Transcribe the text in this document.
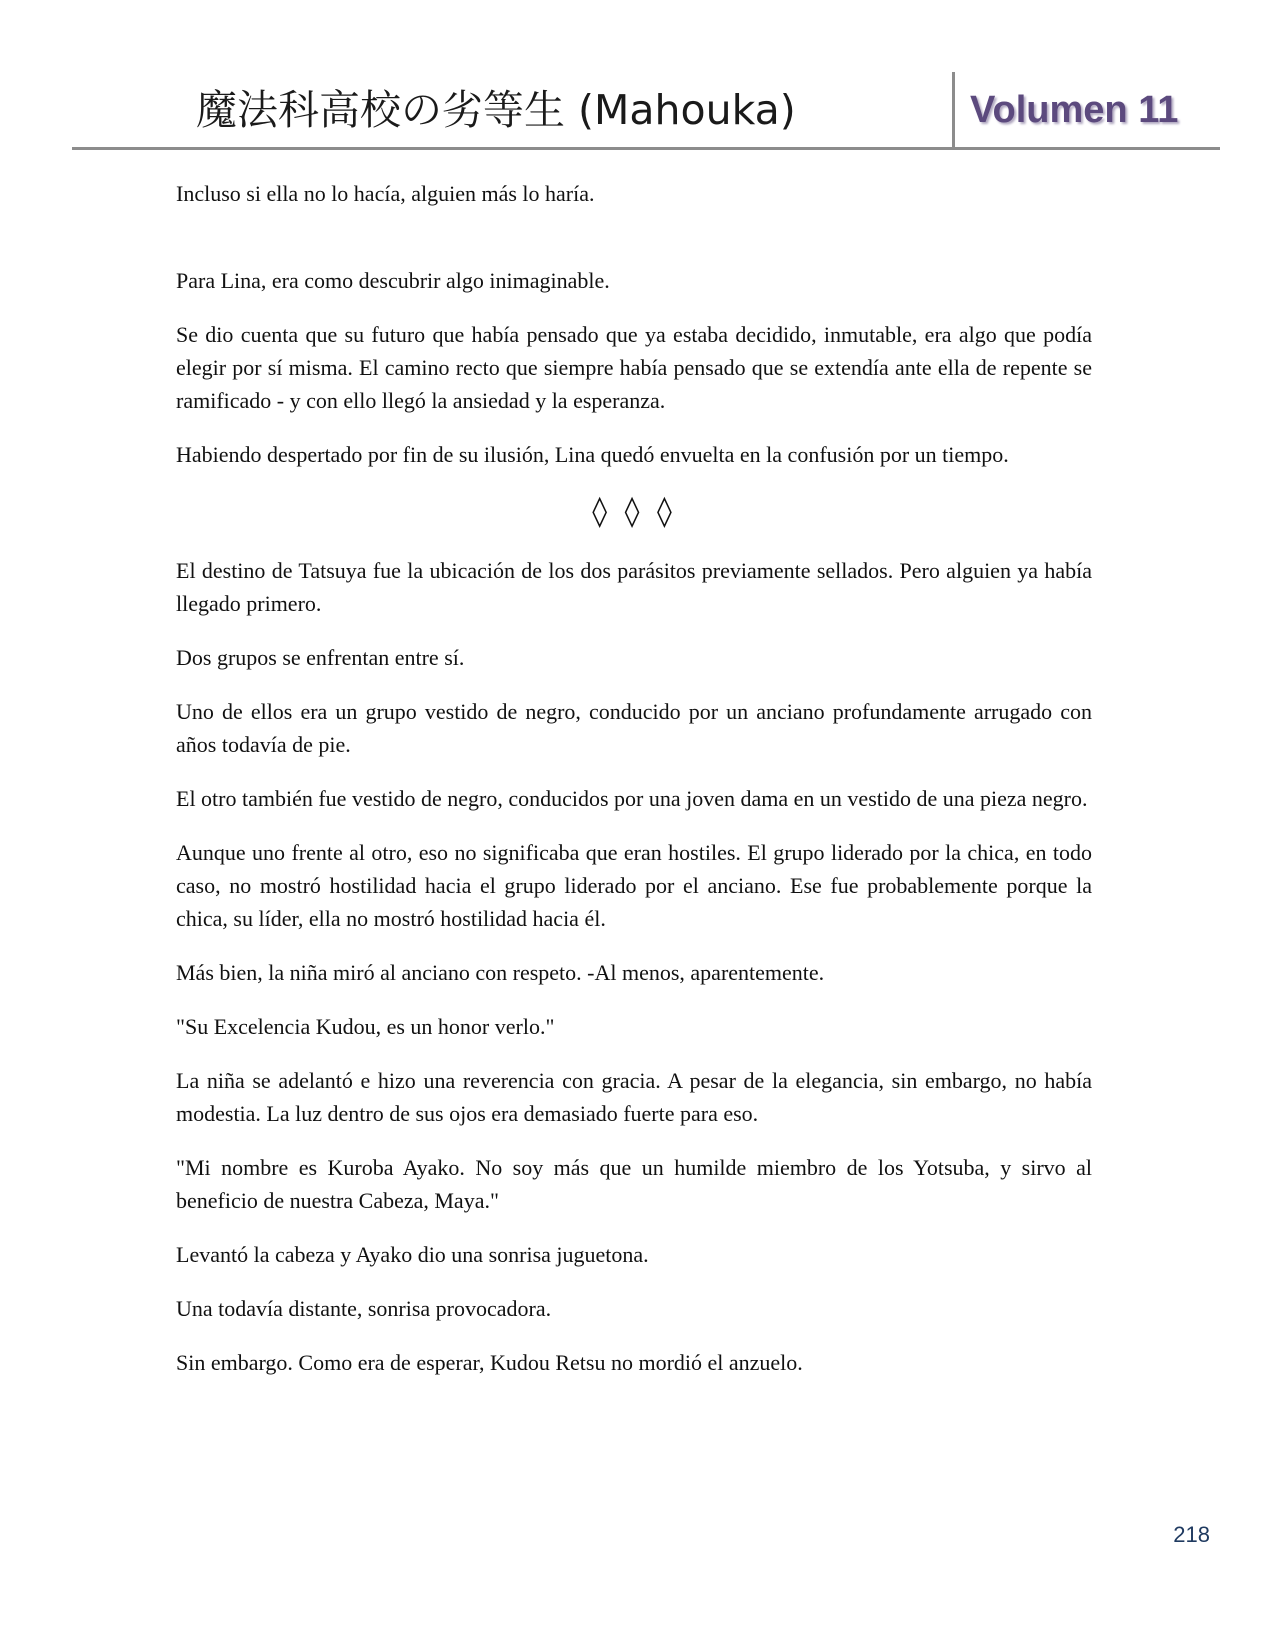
魔法科高校の劣等生 (Mahouka)	Volumen 11

Incluso si ella no lo hacía, alguien más lo haría.

Para Lina, era como descubrir algo inimaginable.

Se dio cuenta que su futuro que había pensado que ya estaba decidido, inmutable, era algo que podía elegir por sí misma. El camino recto que siempre había pensado que se extendía ante ella de repente se ramificado - y con ello llegó la ansiedad y la esperanza.

Habiendo despertado por fin de su ilusión, Lina quedó envuelta en la confusión por un tiempo.

◊ ◊ ◊

El destino de Tatsuya fue la ubicación de los dos parásitos previamente sellados. Pero alguien ya había llegado primero.

Dos grupos se enfrentan entre sí.

Uno de ellos era un grupo vestido de negro, conducido por un anciano profundamente arrugado con años todavía de pie.

El otro también fue vestido de negro, conducidos por una joven dama en un vestido de una pieza negro.

Aunque uno frente al otro, eso no significaba que eran hostiles. El grupo liderado por la chica, en todo caso, no mostró hostilidad hacia el grupo liderado por el anciano. Ese fue probablemente porque la chica, su líder, ella no mostró hostilidad hacia él.

Más bien, la niña miró al anciano con respeto. -Al menos, aparentemente.

"Su Excelencia Kudou, es un honor verlo."

La niña se adelantó e hizo una reverencia con gracia. A pesar de la elegancia, sin embargo, no había modestia. La luz dentro de sus ojos era demasiado fuerte para eso.

"Mi nombre es Kuroba Ayako. No soy más que un humilde miembro de los Yotsuba, y sirvo al beneficio de nuestra Cabeza, Maya."

Levantó la cabeza y Ayako dio una sonrisa juguetona.

Una todavía distante, sonrisa provocadora.

Sin embargo. Como era de esperar, Kudou Retsu no mordió el anzuelo.

218
